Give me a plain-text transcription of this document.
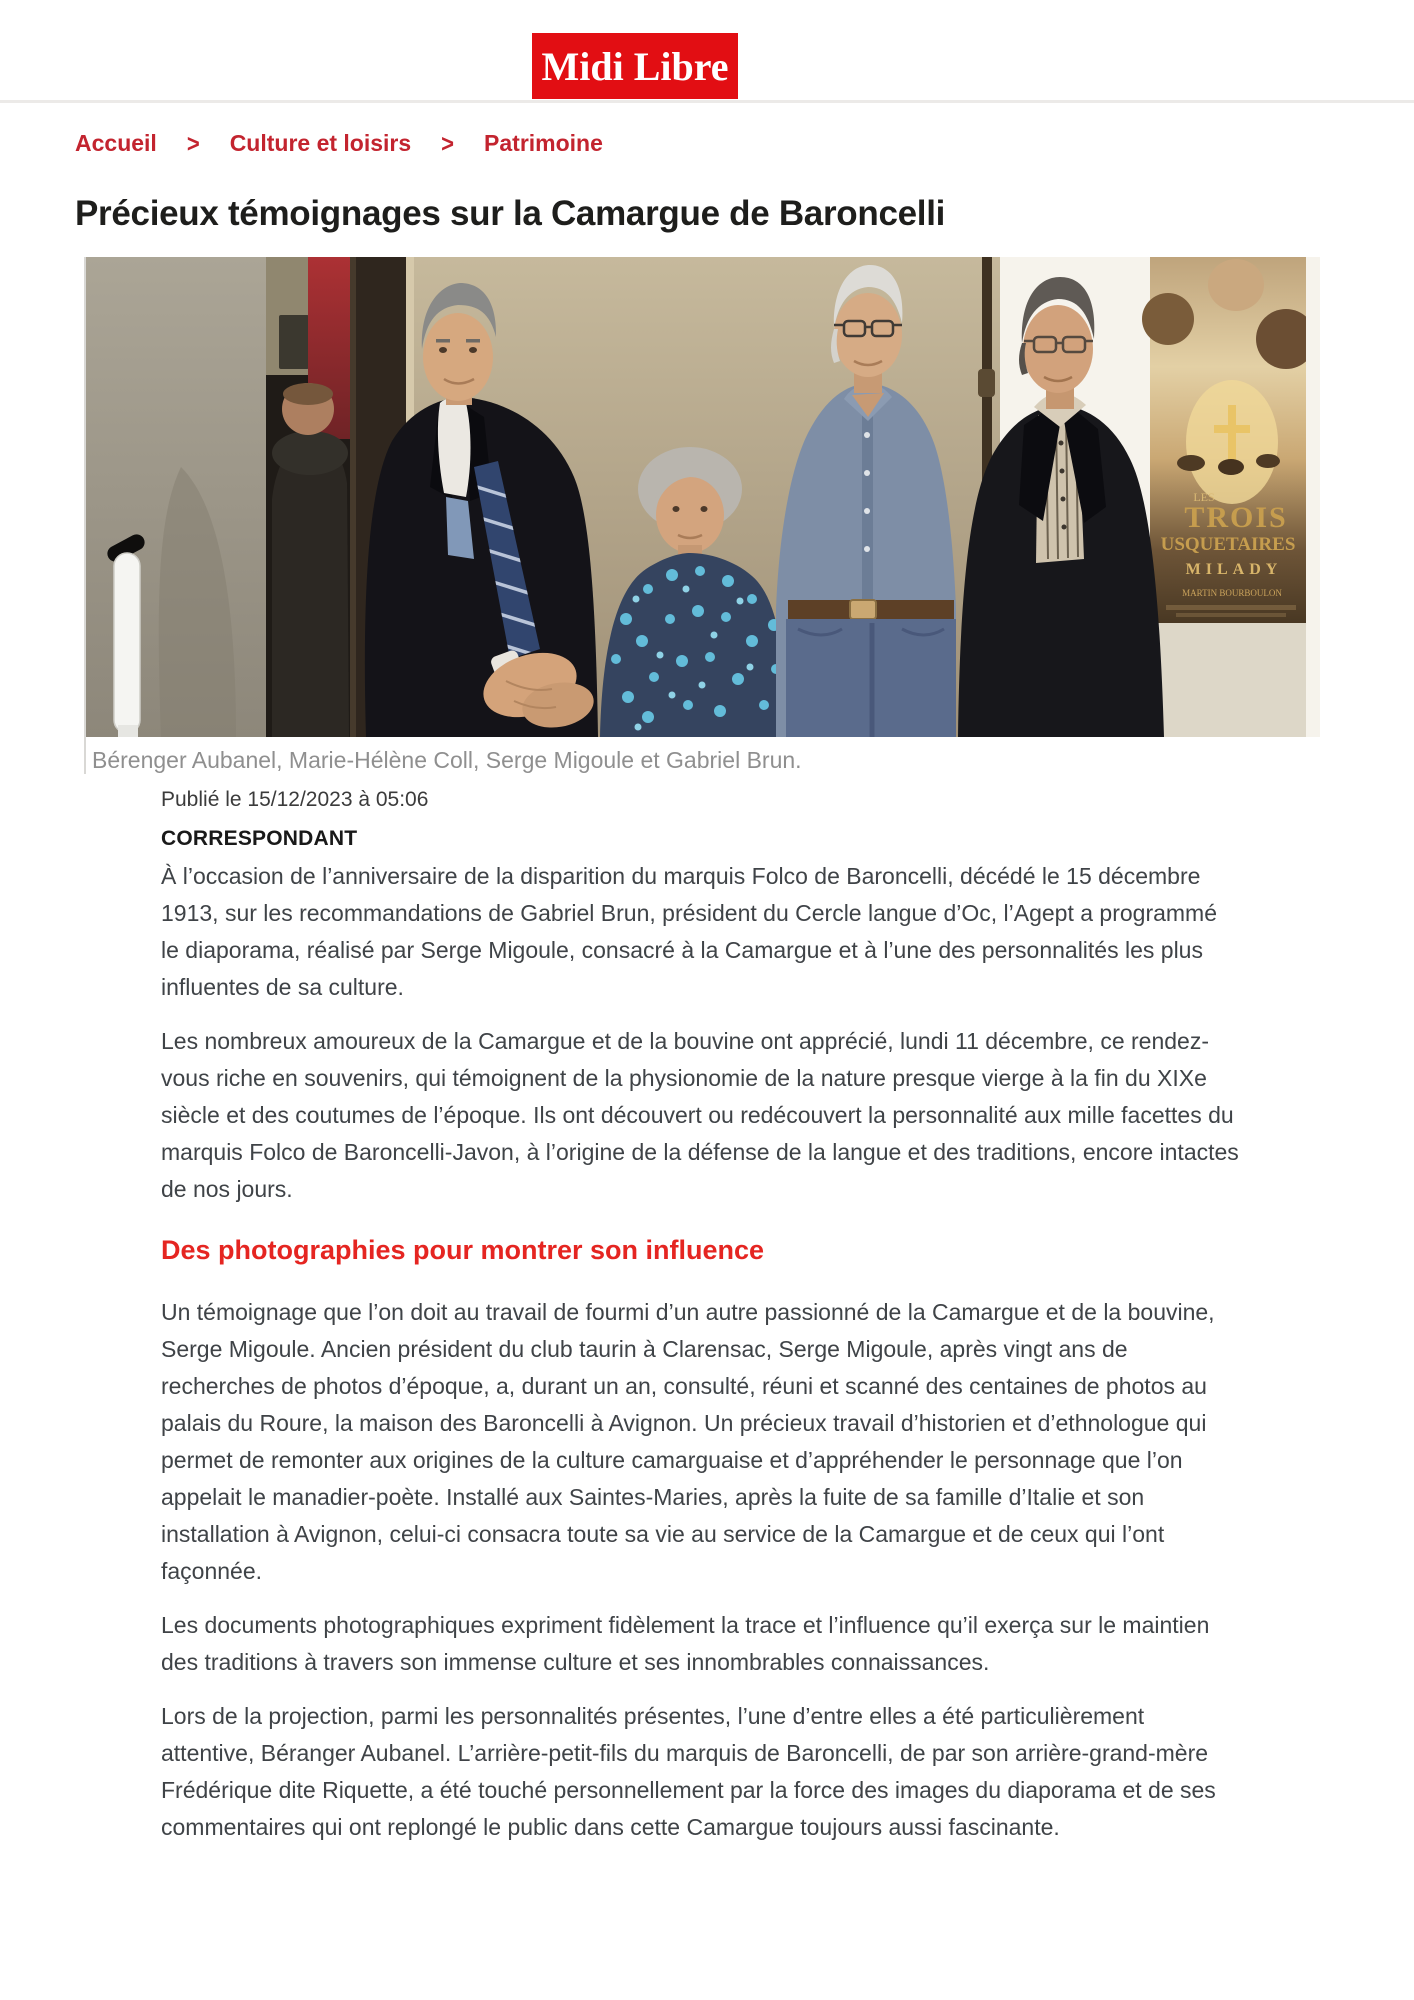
Midi Libre
Accueil > Culture et loisirs > Patrimoine
Précieux témoignages sur la Camargue de Baroncelli
LES
TROIS
USQUETAIRES
MILADY
MARTIN BOURBOULON
Bérenger Aubanel, Marie-Hélène Coll, Serge Migoule et Gabriel Brun.
Publié le 15/12/2023 à 05:06
CORRESPONDANT

À l’occasion de l’anniversaire de la disparition du marquis Folco de Baroncelli, décédé le 15 décembre 1913, sur les recommandations de Gabriel Brun, président du Cercle langue d’Oc, l’Agept a programmé le diaporama, réalisé par Serge Migoule, consacré à la Camargue et à l’une des personnalités les plus influentes de sa culture.

Les nombreux amoureux de la Camargue et de la bouvine ont apprécié, lundi 11 décembre, ce rendez-vous riche en souvenirs, qui témoignent de la physionomie de la nature presque vierge à la fin du XIXe siècle et des coutumes de l’époque. Ils ont découvert ou redécouvert la personnalité aux mille facettes du marquis Folco de Baroncelli-Javon, à l’origine de la défense de la langue et des traditions, encore intactes de nos jours.

Des photographies pour montrer son influence

Un témoignage que l’on doit au travail de fourmi d’un autre passionné de la Camargue et de la bouvine, Serge Migoule. Ancien président du club taurin à Clarensac, Serge Migoule, après vingt ans de recherches de photos d’époque, a, durant un an, consulté, réuni et scanné des centaines de photos au palais du Roure, la maison des Baroncelli à Avignon. Un précieux travail d’historien et d’ethnologue qui permet de remonter aux origines de la culture camarguaise et d’appréhender le personnage que l’on appelait le manadier-poète. Installé aux Saintes-Maries, après la fuite de sa famille d’Italie et son installation à Avignon, celui-ci consacra toute sa vie au service de la Camargue et de ceux qui l’ont façonnée.

Les documents photographiques expriment fidèlement la trace et l’influence qu’il exerça sur le maintien des traditions à travers son immense culture et ses innombrables connaissances.

Lors de la projection, parmi les personnalités présentes, l’une d’entre elles a été particulièrement attentive, Béranger Aubanel. L’arrière-petit-fils du marquis de Baroncelli, de par son arrière-grand-mère Frédérique dite Riquette, a été touché personnellement par la force des images du diaporama et de ses commentaires qui ont replongé le public dans cette Camargue toujours aussi fascinante.
